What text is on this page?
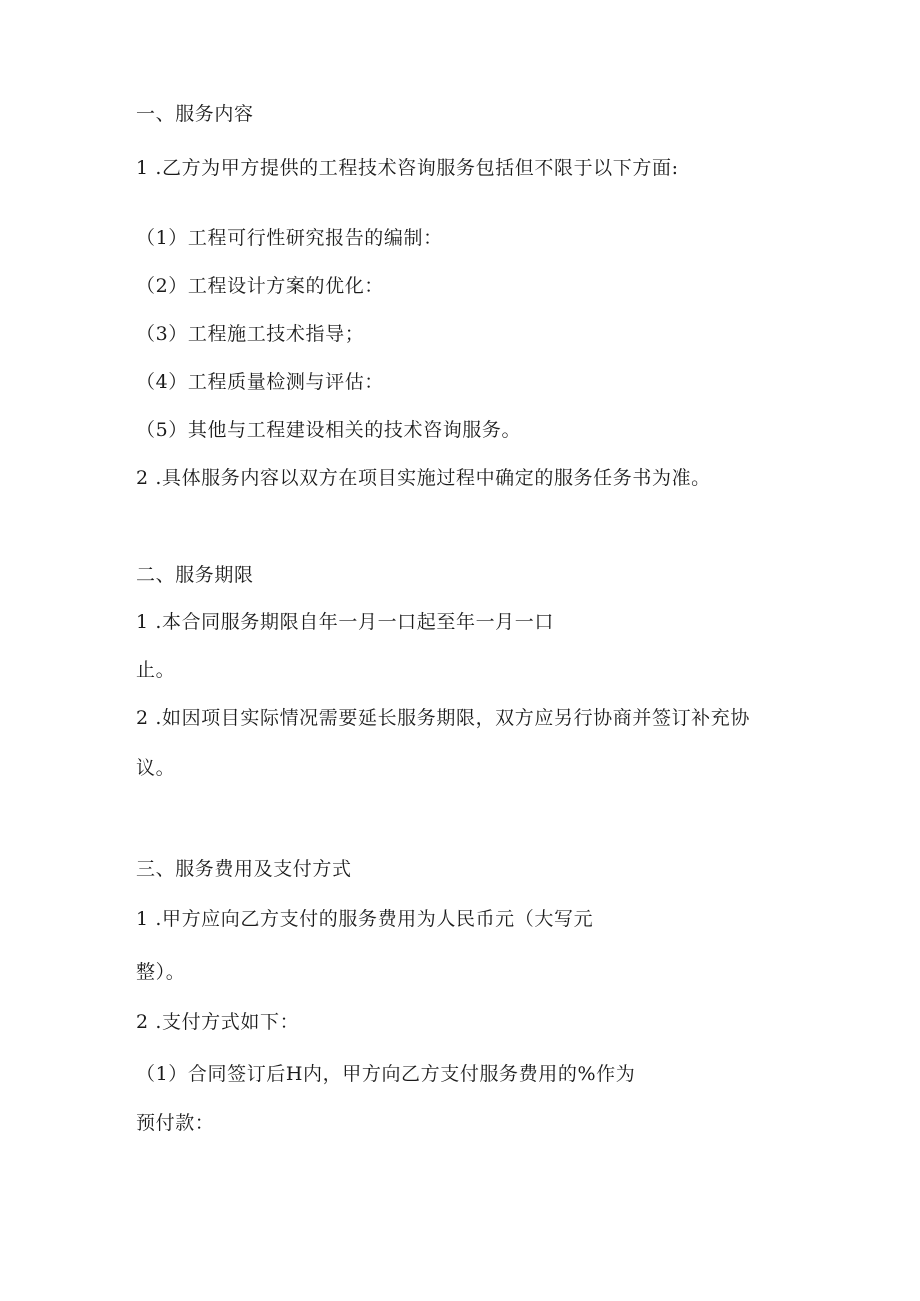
一、服务内容
1 .乙方为甲方提供的工程技术咨询服务包括但不限于以下方面:
（1）工程可行性研究报告的编制：
（2）工程设计方案的优化：
（3）工程施工技术指导；
（4）工程质量检测与评估：
（5）其他与工程建设相关的技术咨询服务。
2 .具体服务内容以双方在项目实施过程中确定的服务任务书为准。
二、服务期限
1 .本合同服务期限自年一月一口起至年一月一口
止。
2 .如因项目实际情况需要延长服务期限，双方应另行协商并签订补充协
议。
三、服务费用及支付方式
1 .甲方应向乙方支付的服务费用为人民币元（大写元
整）。
2 .支付方式如下：
（1）合同签订后H内，甲方向乙方支付服务费用的%作为
预付款：
